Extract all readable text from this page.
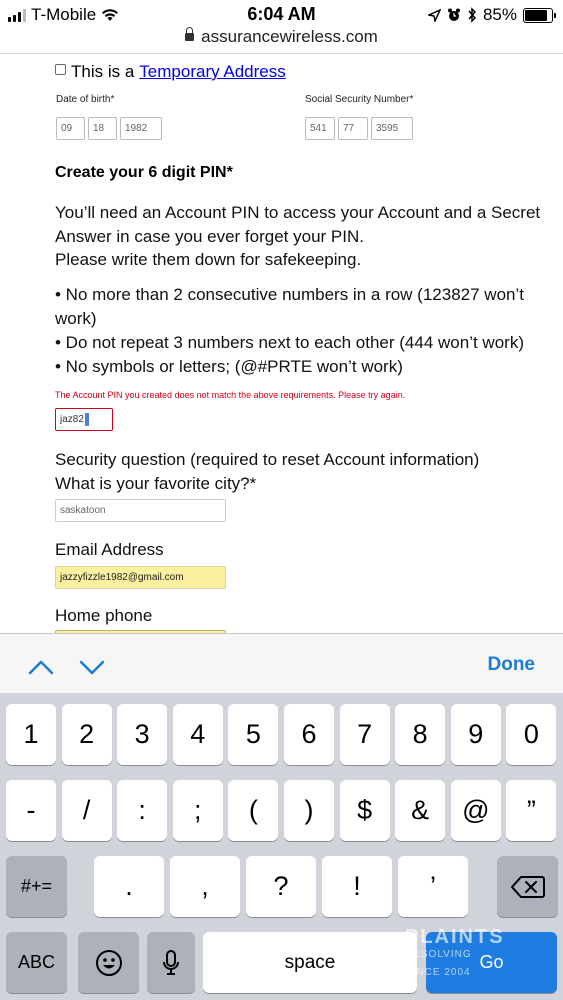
T-Mobile	6:04 AM	85%
assurancewireless.com
This is a Temporary Address
Date of birth*
09	18	1982
Social Security Number*
541	77	3595
Create your 6 digit PIN*
You’ll need an Account PIN to access your Account and a Secret Answer in case you ever forget your PIN.
Please write them down for safekeeping.
• No more than 2 consecutive numbers in a row (123827 won’t work)
• Do not repeat 3 numbers next to each other (444 won’t work)
• No symbols or letters; (@#PRTE won’t work)
The Account PIN you created does not match the above requirements. Please try again.
jaz82
Security question (required to reset Account information)
What is your favorite city?*
saskatoon
Email Address
jazzyfizzle1982@gmail.com
Home phone
Done
’
!
?
,
.
”
@
&
$
)
(
;
:
/
-
0
9
8
7
6
5
4
3
2
1
#+=
ABC	space	Go
PLAINTS
RESOLVING
SINCE 2004
